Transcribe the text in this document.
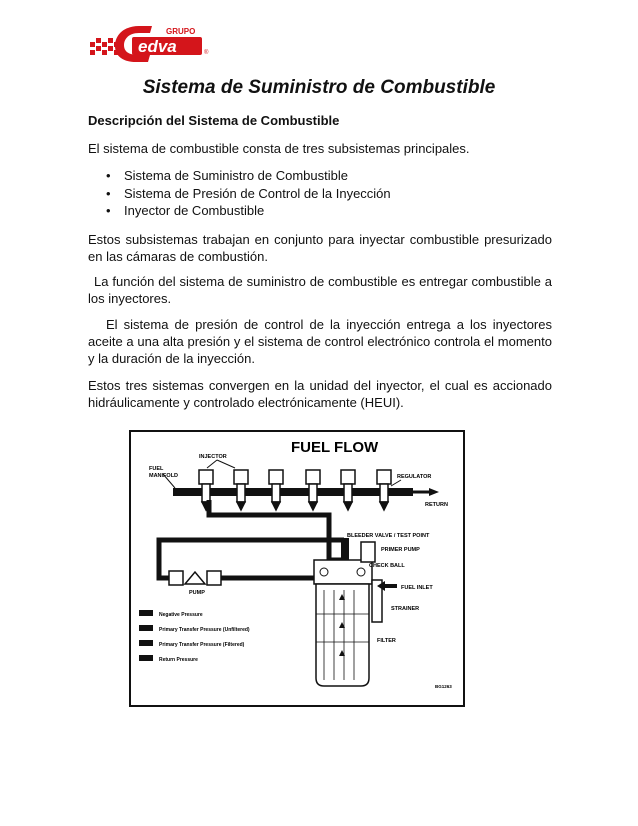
GRUPO
edva	®
Sistema de Suministro de Combustible
Descripción del Sistema de Combustible

El sistema de combustible consta de tres subsistemas principales.

• Sistema de Suministro de Combustible
• Sistema de Presión de Control de la Inyección
• Inyector de Combustible

Estos subsistemas trabajan en conjunto para inyectar combustible presurizado en las cámaras de combustión.

La función del sistema de suministro de combustible es entregar combustible a los inyectores.

El sistema de presión de control de la inyección entrega a los inyectores aceite a una alta presión y el sistema de control electrónico controla el momento y la duración de la inyección.

Estos tres sistemas convergen en la unidad del inyector, el cual es accionado hidráulicamente y controlado electrónicamente (HEUI).

FUEL FLOW
INJECTOR
FUEL
MANIFOLD	REGULATOR
RETURN
PUMP
BLEEDER VALVE / TEST POINT
PRIMER PUMP
CHECK BALL
FUEL INLET
STRAINER
FILTER
Negative Pressure
Primary Transfer Pressure (Unfiltered)
Primary Transfer Pressure (Filtered)
Return Pressure
BG1263
